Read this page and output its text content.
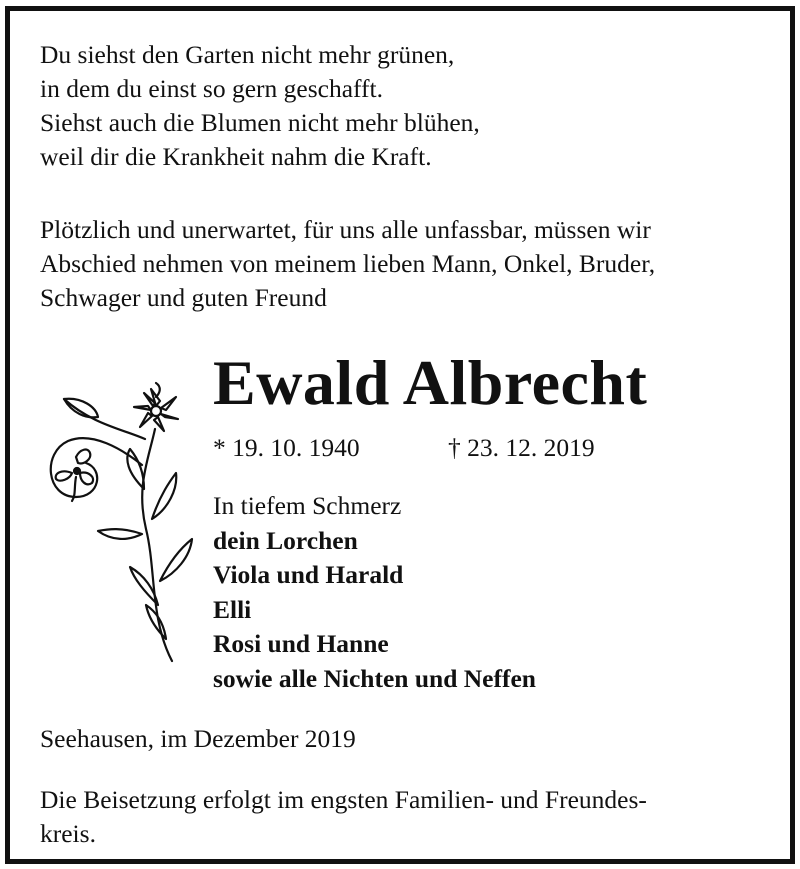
Du siehst den Garten nicht mehr grünen,
in dem du einst so gern geschafft.
Siehst auch die Blumen nicht mehr blühen,
weil dir die Krankheit nahm die Kraft.
Plötzlich und unerwartet, für uns alle unfassbar, müssen wir
Abschied nehmen von meinem lieben Mann, Onkel, Bruder,
Schwager und guten Freund
Ewald Albrecht
* 19. 10. 1940	† 23. 12. 2019
In tiefem Schmerz
dein Lorchen
Viola und Harald
Elli
Rosi und Hanne
sowie alle Nichten und Neffen
Seehausen, im Dezember 2019
Die Beisetzung erfolgt im engsten Familien- und Freundes-
kreis.
